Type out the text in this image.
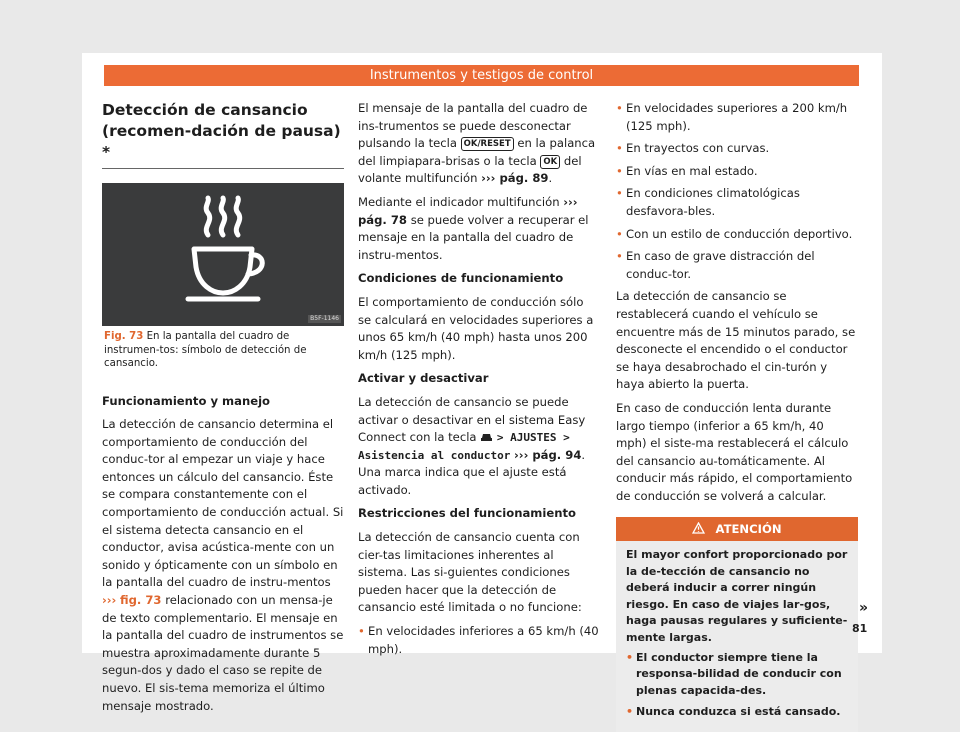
Instrumentos y testigos de control
Detección de cansancio (recomen-dación de pausa) *
B5F-1146
Fig. 73 En la pantalla del cuadro de instrumen-tos: símbolo de detección de cansancio.

Funcionamiento y manejo

La detección de cansancio determina el comportamiento de conducción del conduc-tor al empezar un viaje y hace entonces un cálculo del cansancio. Éste se compara constantemente con el comportamiento de conducción actual. Si el sistema detecta cansancio en el conductor, avisa acústica-mente con un sonido y ópticamente con un símbolo en la pantalla del cuadro de instru-mentos ››› fig. 73 relacionado con un mensa-je de texto complementario. El mensaje en la pantalla del cuadro de instrumentos se muestra aproximadamente durante 5 segun-dos y dado el caso se repite de nuevo. El sis-tema memoriza el último mensaje mostrado.

El mensaje de la pantalla del cuadro de ins-trumentos se puede desconectar pulsando la tecla OK/RESET en la palanca del limpiapara-brisas o la tecla OK del volante multifunción ››› pág. 89.

Mediante el indicador multifunción ››› pág. 78 se puede volver a recuperar el mensaje en la pantalla del cuadro de instru-mentos.

Condiciones de funcionamiento

El comportamiento de conducción sólo se calculará en velocidades superiores a unos 65 km/h (40 mph) hasta unos 200 km/h (125 mph).

Activar y desactivar

La detección de cansancio se puede activar o desactivar en el sistema Easy Connect con la tecla > AJUSTES > Asistencia al conductor ››› pág. 94. Una marca indica que el ajuste está activado.

Restricciones del funcionamiento

La detección de cansancio cuenta con cier-tas limitaciones inherentes al sistema. Las si-guientes condiciones pueden hacer que la detección de cansancio esté limitada o no funcione:

• En velocidades inferiores a 65 km/h (40 mph).
• En velocidades superiores a 200 km/h (125 mph).
• En trayectos con curvas.
• En vías en mal estado.
• En condiciones climatológicas desfavora-bles.
• Con un estilo de conducción deportivo.
• En caso de grave distracción del conduc-tor.

La detección de cansancio se restablecerá cuando el vehículo se encuentre más de 15 minutos parado, se desconecte el encendido o el conductor se haya desabrochado el cin-turón y haya abierto la puerta.

En caso de conducción lenta durante largo tiempo (inferior a 65 km/h, 40 mph) el siste-ma restablecerá el cálculo del cansancio au-tomáticamente. Al conducir más rápido, el comportamiento de conducción se volverá a calcular.

ATENCIÓN

El mayor confort proporcionado por la de-tección de cansancio no deberá inducir a correr ningún riesgo. En caso de viajes lar-gos, haga pausas regulares y suficiente-mente largas.

• El conductor siempre tiene la responsa-bilidad de conducir con plenas capacida-des.
• Nunca conduzca si está cansado.
»
81
